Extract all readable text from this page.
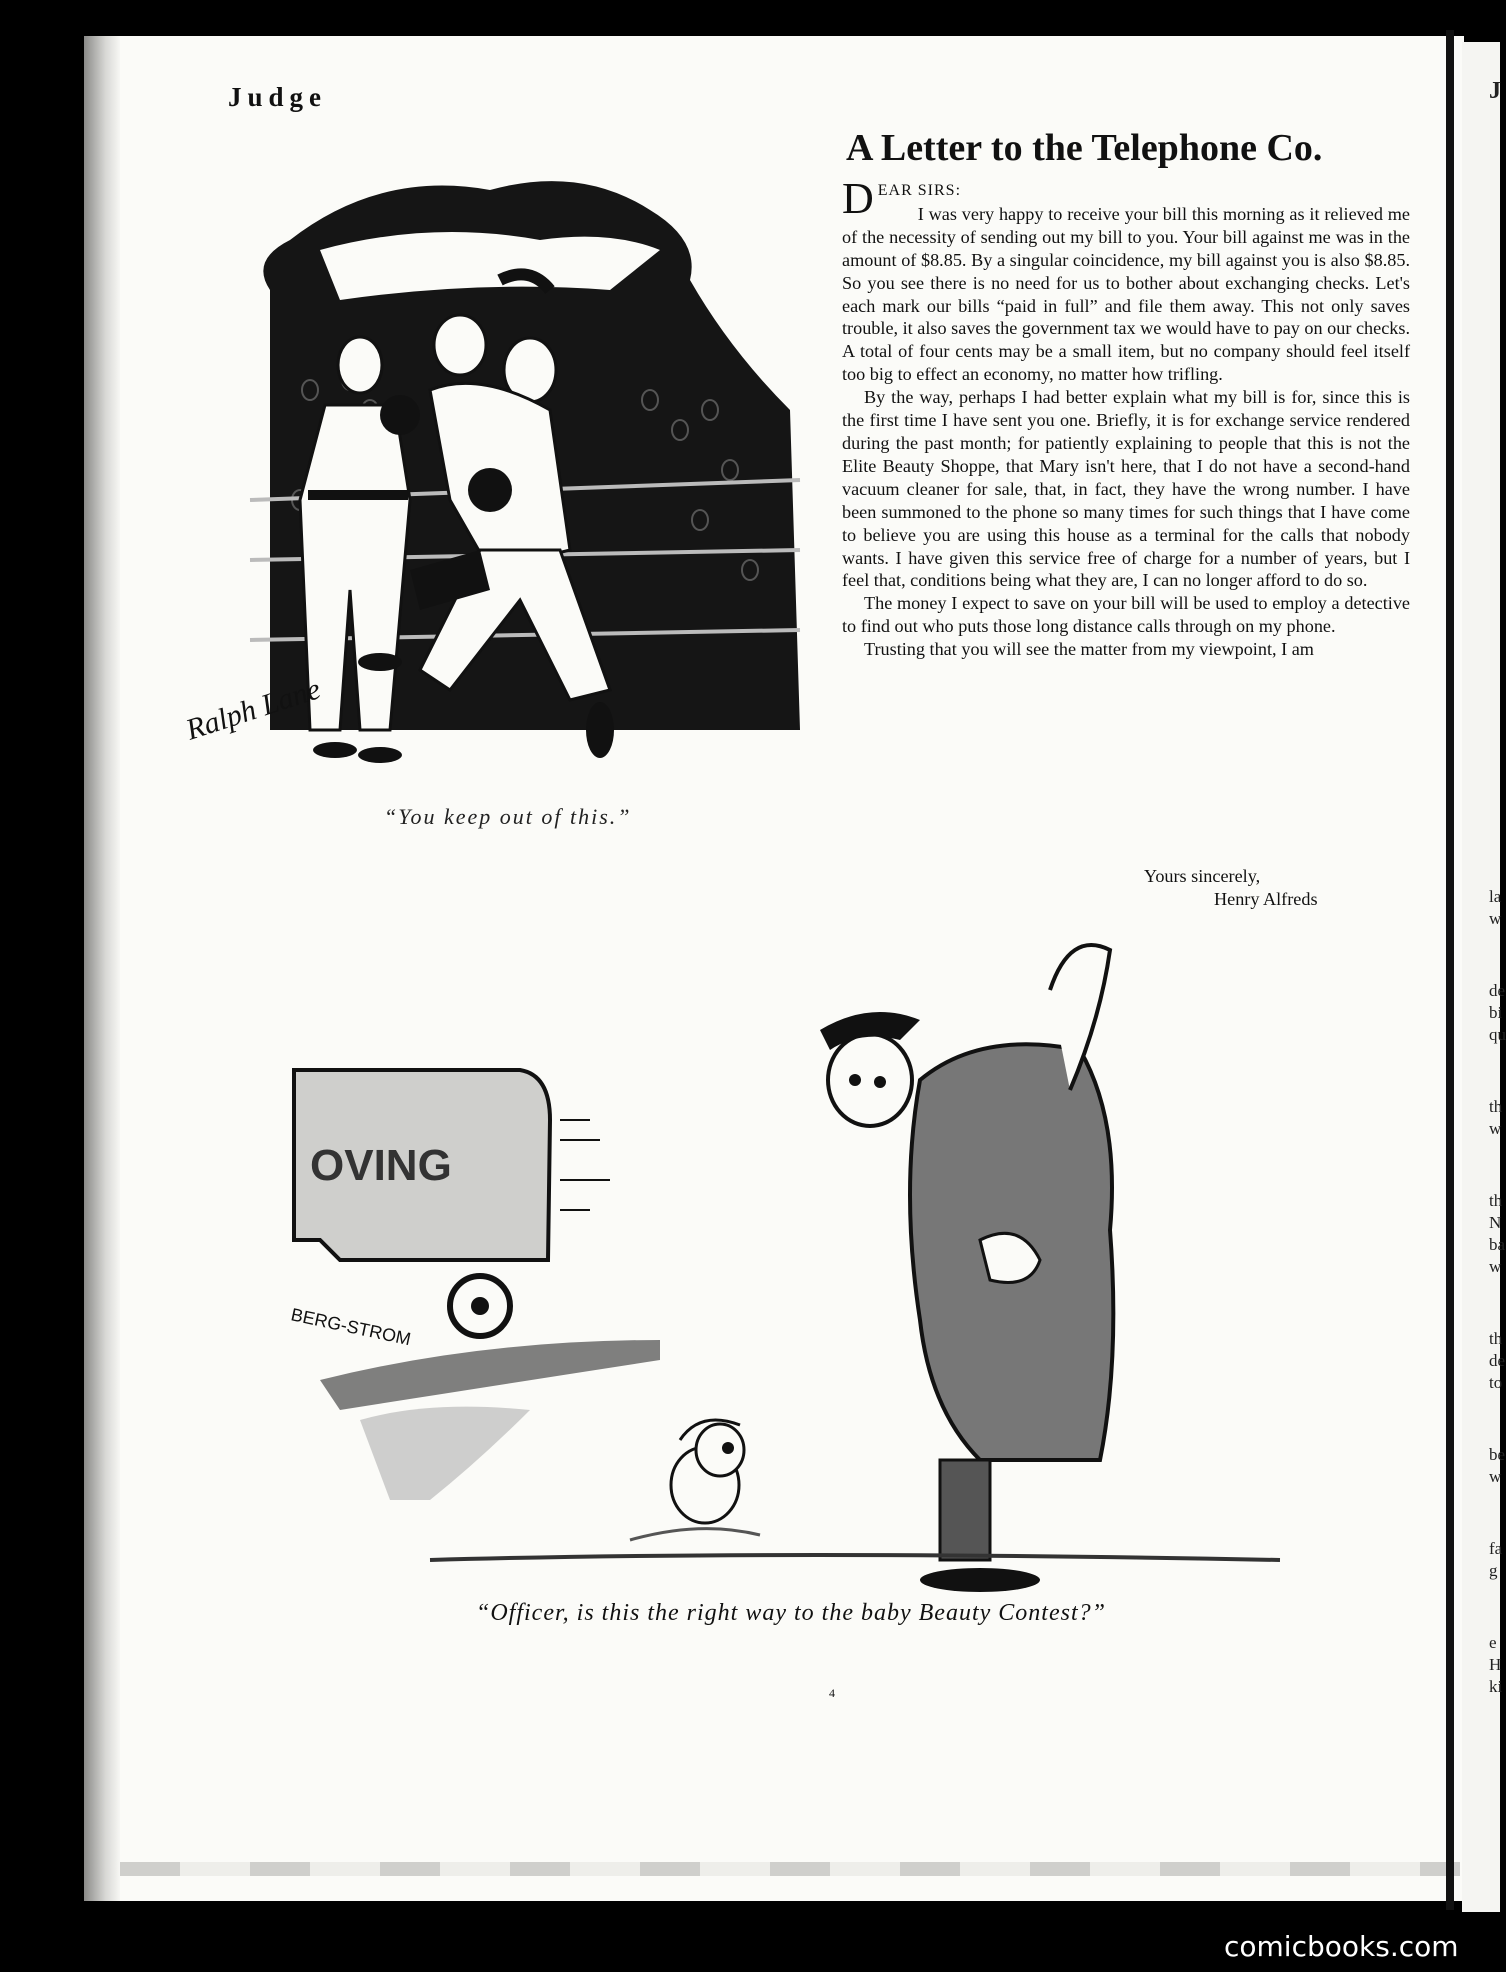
J
la
w
de
bi
qu
th
w
th
N
ba
w
th
de
to
be
w
fa
g
e
H
ki
Judge
Ralph Lane
“You keep out of this.”
A Letter to the Telephone Co.
DEAR SIRS:

I was very happy to receive your bill this morning as it relieved me of the necessity of sending out my bill to you. Your bill against me was in the amount of $8.85. By a singular coincidence, my bill against you is also $8.85. So you see there is no need for us to bother about exchanging checks. Let's each mark our bills “paid in full” and file them away. This not only saves trouble, it also saves the government tax we would have to pay on our checks. A total of four cents may be a small item, but no company should feel itself too big to effect an economy, no matter how trifling.

By the way, perhaps I had better explain what my bill is for, since this is the first time I have sent you one. Briefly, it is for exchange service rendered during the past month; for patiently explaining to people that this is not the Elite Beauty Shoppe, that Mary isn't here, that I do not have a second-hand vacuum cleaner for sale, that, in fact, they have the wrong number. I have been summoned to the phone so many times for such things that I have come to believe you are using this house as a terminal for the calls that nobody wants. I have given this service free of charge for a number of years, but I feel that, conditions being what they are, I can no longer afford to do so.

The money I expect to save on your bill will be used to employ a detective to find out who puts those long distance calls through on my phone.

Trusting that you will see the matter from my viewpoint, I am

Yours sincerely,
Henry Alfreds
OVING
BERG-STROM
“Officer, is this the right way to the baby Beauty Contest?”
4
comicbooks.com
